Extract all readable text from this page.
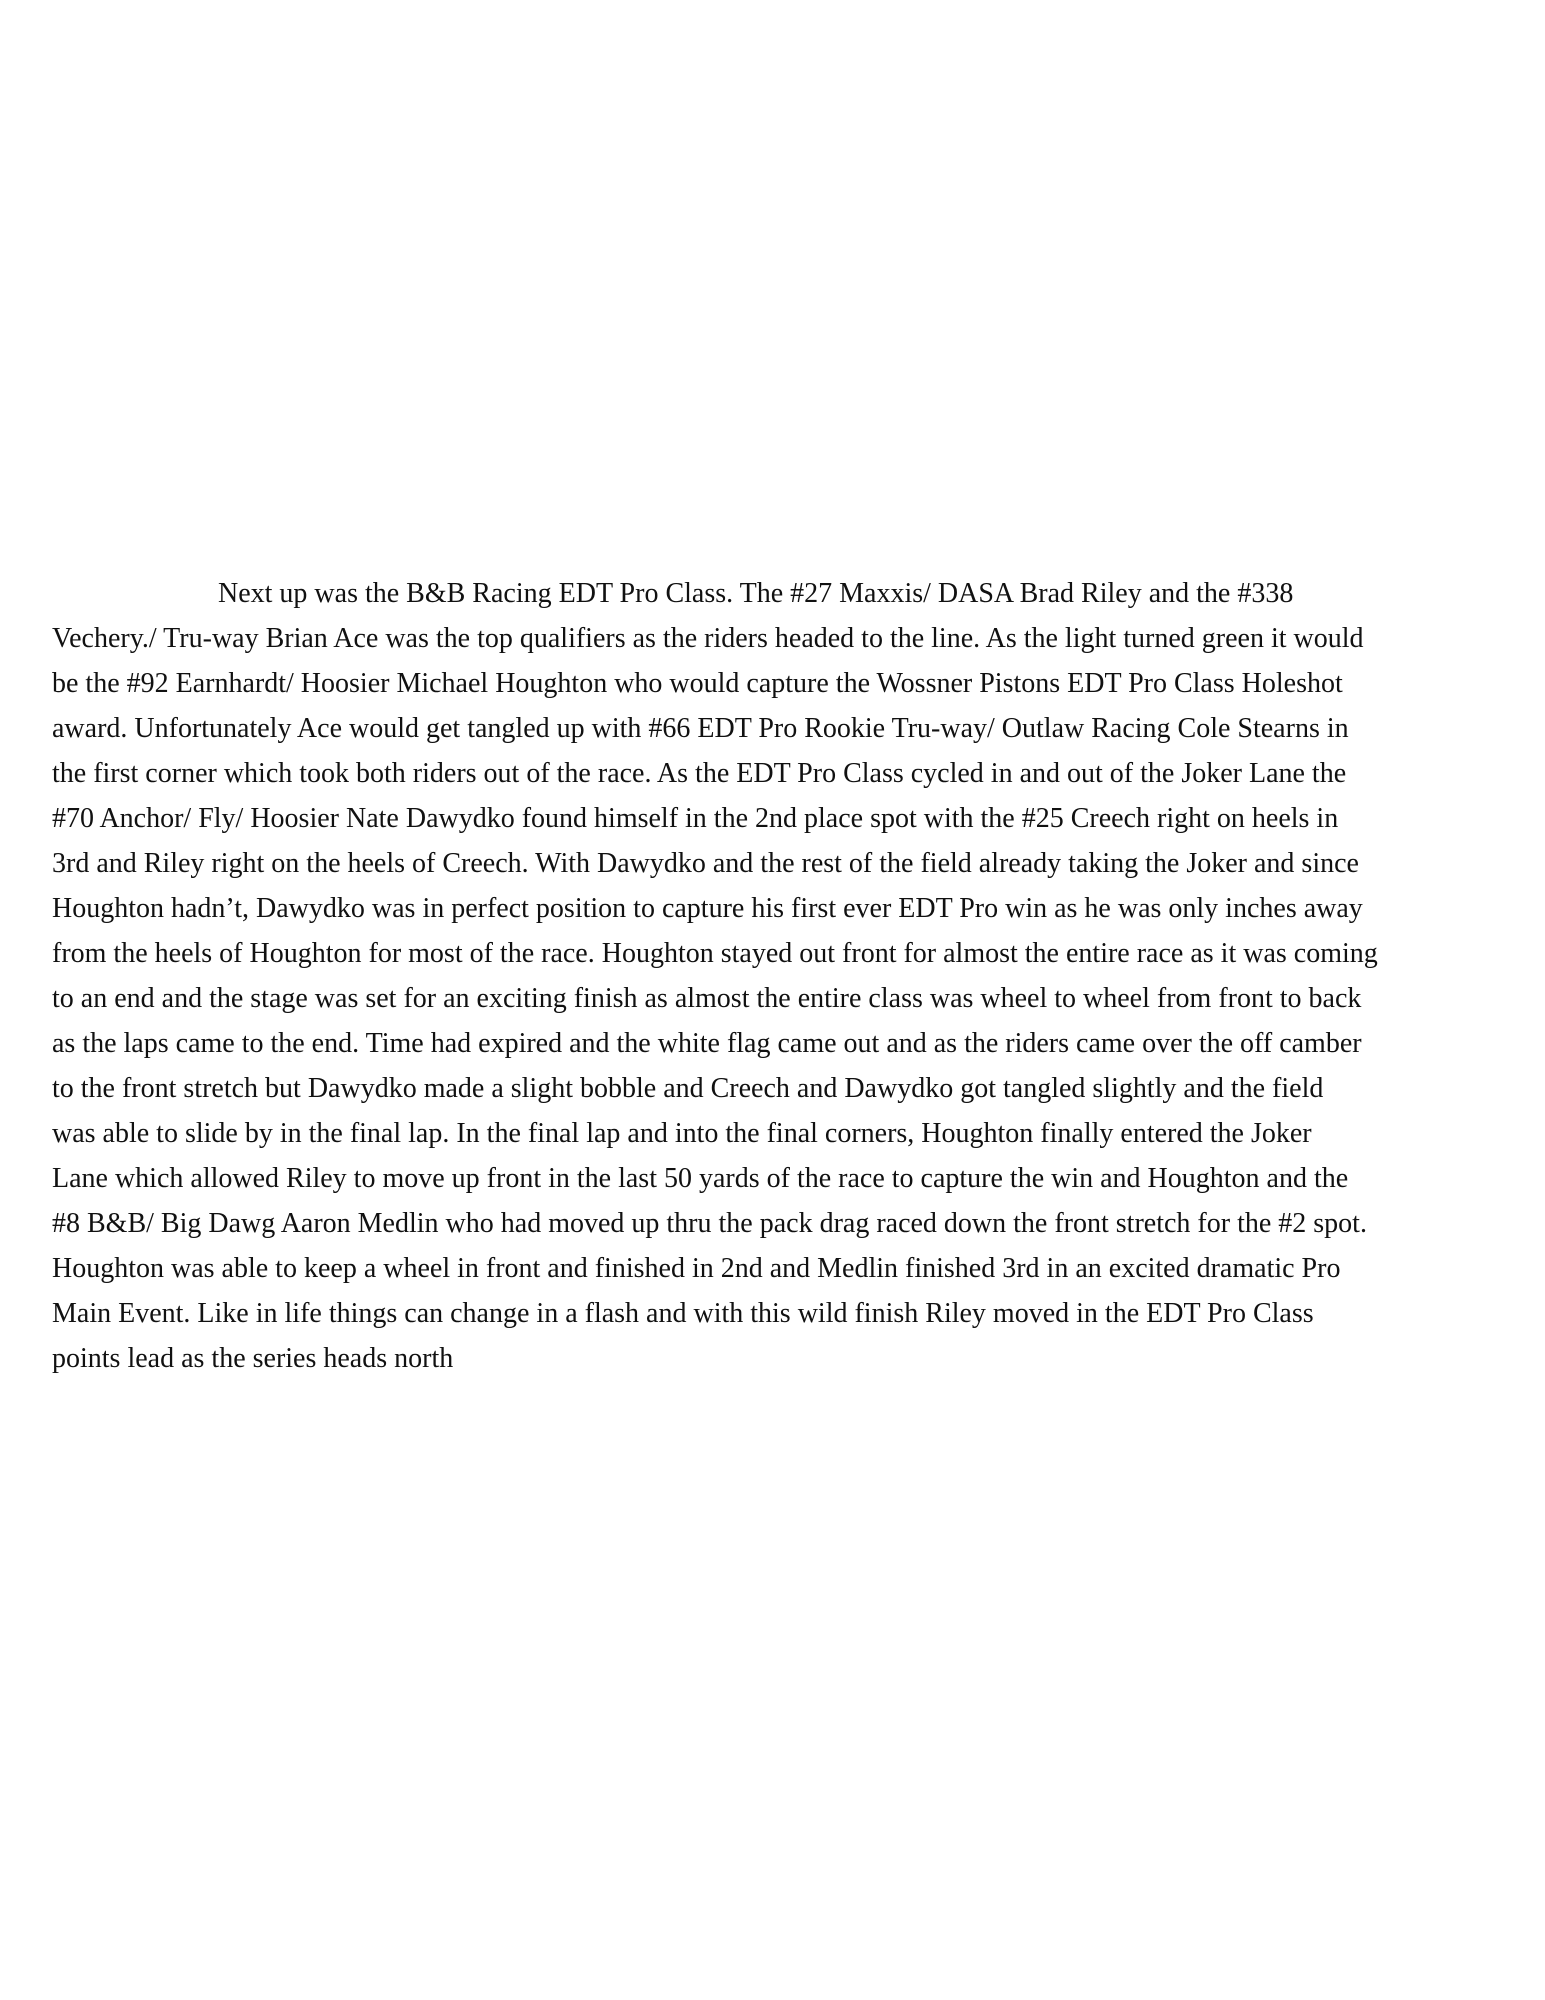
Next up was the B&B Racing EDT Pro Class. The #27 Maxxis/ DASA Brad Riley and the #338
Vechery./ Tru-way Brian Ace was the top qualifiers as the riders headed to the line. As the light turned green it would
be the #92 Earnhardt/ Hoosier Michael Houghton who would capture the Wossner Pistons EDT Pro Class Holeshot
award. Unfortunately Ace would get tangled up with #66 EDT Pro Rookie Tru-way/ Outlaw Racing Cole Stearns in
the first corner which took both riders out of the race. As the EDT Pro Class cycled in and out of the Joker Lane the
#70 Anchor/ Fly/ Hoosier Nate Dawydko found himself in the 2nd place spot with the #25 Creech right on heels in
3rd and Riley right on the heels of Creech. With Dawydko and the rest of the field already taking the Joker and since
Houghton hadn’t, Dawydko was in perfect position to capture his first ever EDT Pro win as he was only inches away
from the heels of Houghton for most of the race. Houghton stayed out front for almost the entire race as it was coming
to an end and the stage was set for an exciting finish as almost the entire class was wheel to wheel from front to back
as the laps came to the end. Time had expired and the white flag came out and as the riders came over the off camber
to the front stretch but Dawydko made a slight bobble and Creech and Dawydko got tangled slightly and the field
was able to slide by in the final lap. In the final lap and into the final corners, Houghton finally entered the Joker
Lane which allowed Riley to move up front in the last 50 yards of the race to capture the win and Houghton and the
#8 B&B/ Big Dawg Aaron Medlin who had moved up thru the pack drag raced down the front stretch for the #2 spot.
Houghton was able to keep a wheel in front and finished in 2nd and Medlin finished 3rd in an excited dramatic Pro
Main Event. Like in life things can change in a flash and with this wild finish Riley moved in the EDT Pro Class
points lead as the series heads north
